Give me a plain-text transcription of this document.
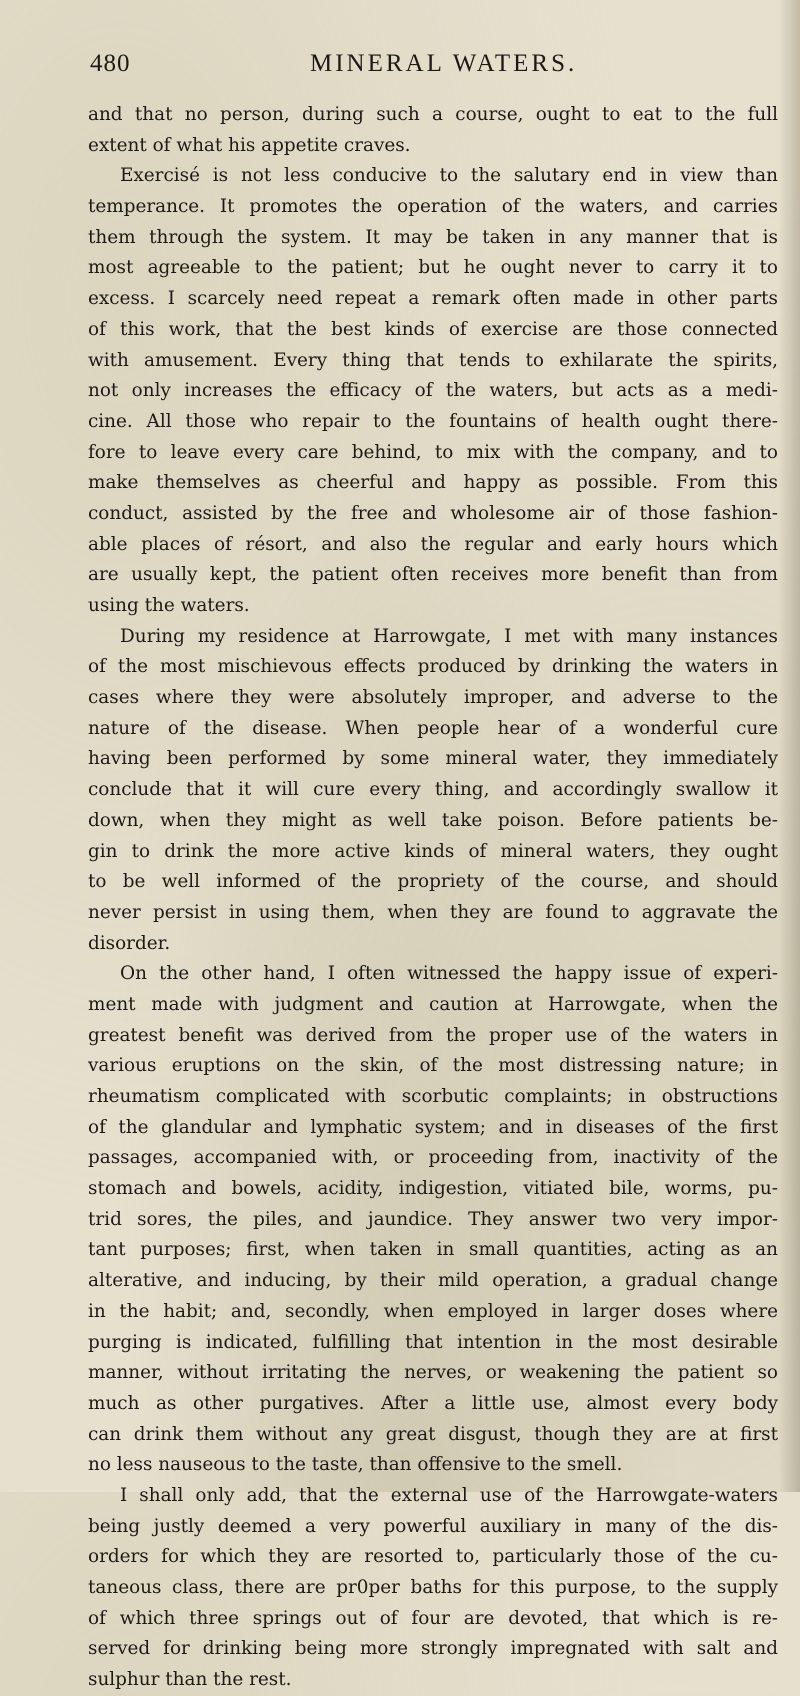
480	MINERAL WATERS.
and that no person, during such a course, ought to eat to the full
extent of what his appetite craves.
Exercisé is not less conducive to the salutary end in view than
temperance. It promotes the operation of the waters, and carries
them through the system. It may be taken in any manner that is
most agreeable to the patient; but he ought never to carry it to
excess. I scarcely need repeat a remark often made in other parts
of this work, that the best kinds of exercise are those connected
with amusement. Every thing that tends to exhilarate the spirits,
not only increases the efficacy of the waters, but acts as a medi-
cine. All those who repair to the fountains of health ought there-
fore to leave every care behind, to mix with the company, and to
make themselves as cheerful and happy as possible. From this
conduct, assisted by the free and wholesome air of those fashion-
able places of résort, and also the regular and early hours which
are usually kept, the patient often receives more benefit than from
using the waters.
During my residence at Harrowgate, I met with many instances
of the most mischievous effects produced by drinking the waters in
cases where they were absolutely improper, and adverse to the
nature of the disease. When people hear of a wonderful cure
having been performed by some mineral water, they immediately
conclude that it will cure every thing, and accordingly swallow it
down, when they might as well take poison. Before patients be-
gin to drink the more active kinds of mineral waters, they ought
to be well informed of the propriety of the course, and should
never persist in using them, when they are found to aggravate the
disorder.
On the other hand, I often witnessed the happy issue of experi-
ment made with judgment and caution at Harrowgate, when the
greatest benefit was derived from the proper use of the waters in
various eruptions on the skin, of the most distressing nature; in
rheumatism complicated with scorbutic complaints; in obstructions
of the glandular and lymphatic system; and in diseases of the first
passages, accompanied with, or proceeding from, inactivity of the
stomach and bowels, acidity, indigestion, vitiated bile, worms, pu-
trid sores, the piles, and jaundice. They answer two very impor-
tant purposes; first, when taken in small quantities, acting as an
alterative, and inducing, by their mild operation, a gradual change
in the habit; and, secondly, when employed in larger doses where
purging is indicated, fulfilling that intention in the most desirable
manner, without irritating the nerves, or weakening the patient so
much as other purgatives. After a little use, almost every body
can drink them without any great disgust, though they are at first
no less nauseous to the taste, than offensive to the smell.
I shall only add, that the external use of the Harrowgate-waters
being justly deemed a very powerful auxiliary in many of the dis-
orders for which they are resorted to, particularly those of the cu-
taneous class, there are pr0per baths for this purpose, to the supply
of which three springs out of four are devoted, that which is re-
served for drinking being more strongly impregnated with salt and
sulphur than the rest.
